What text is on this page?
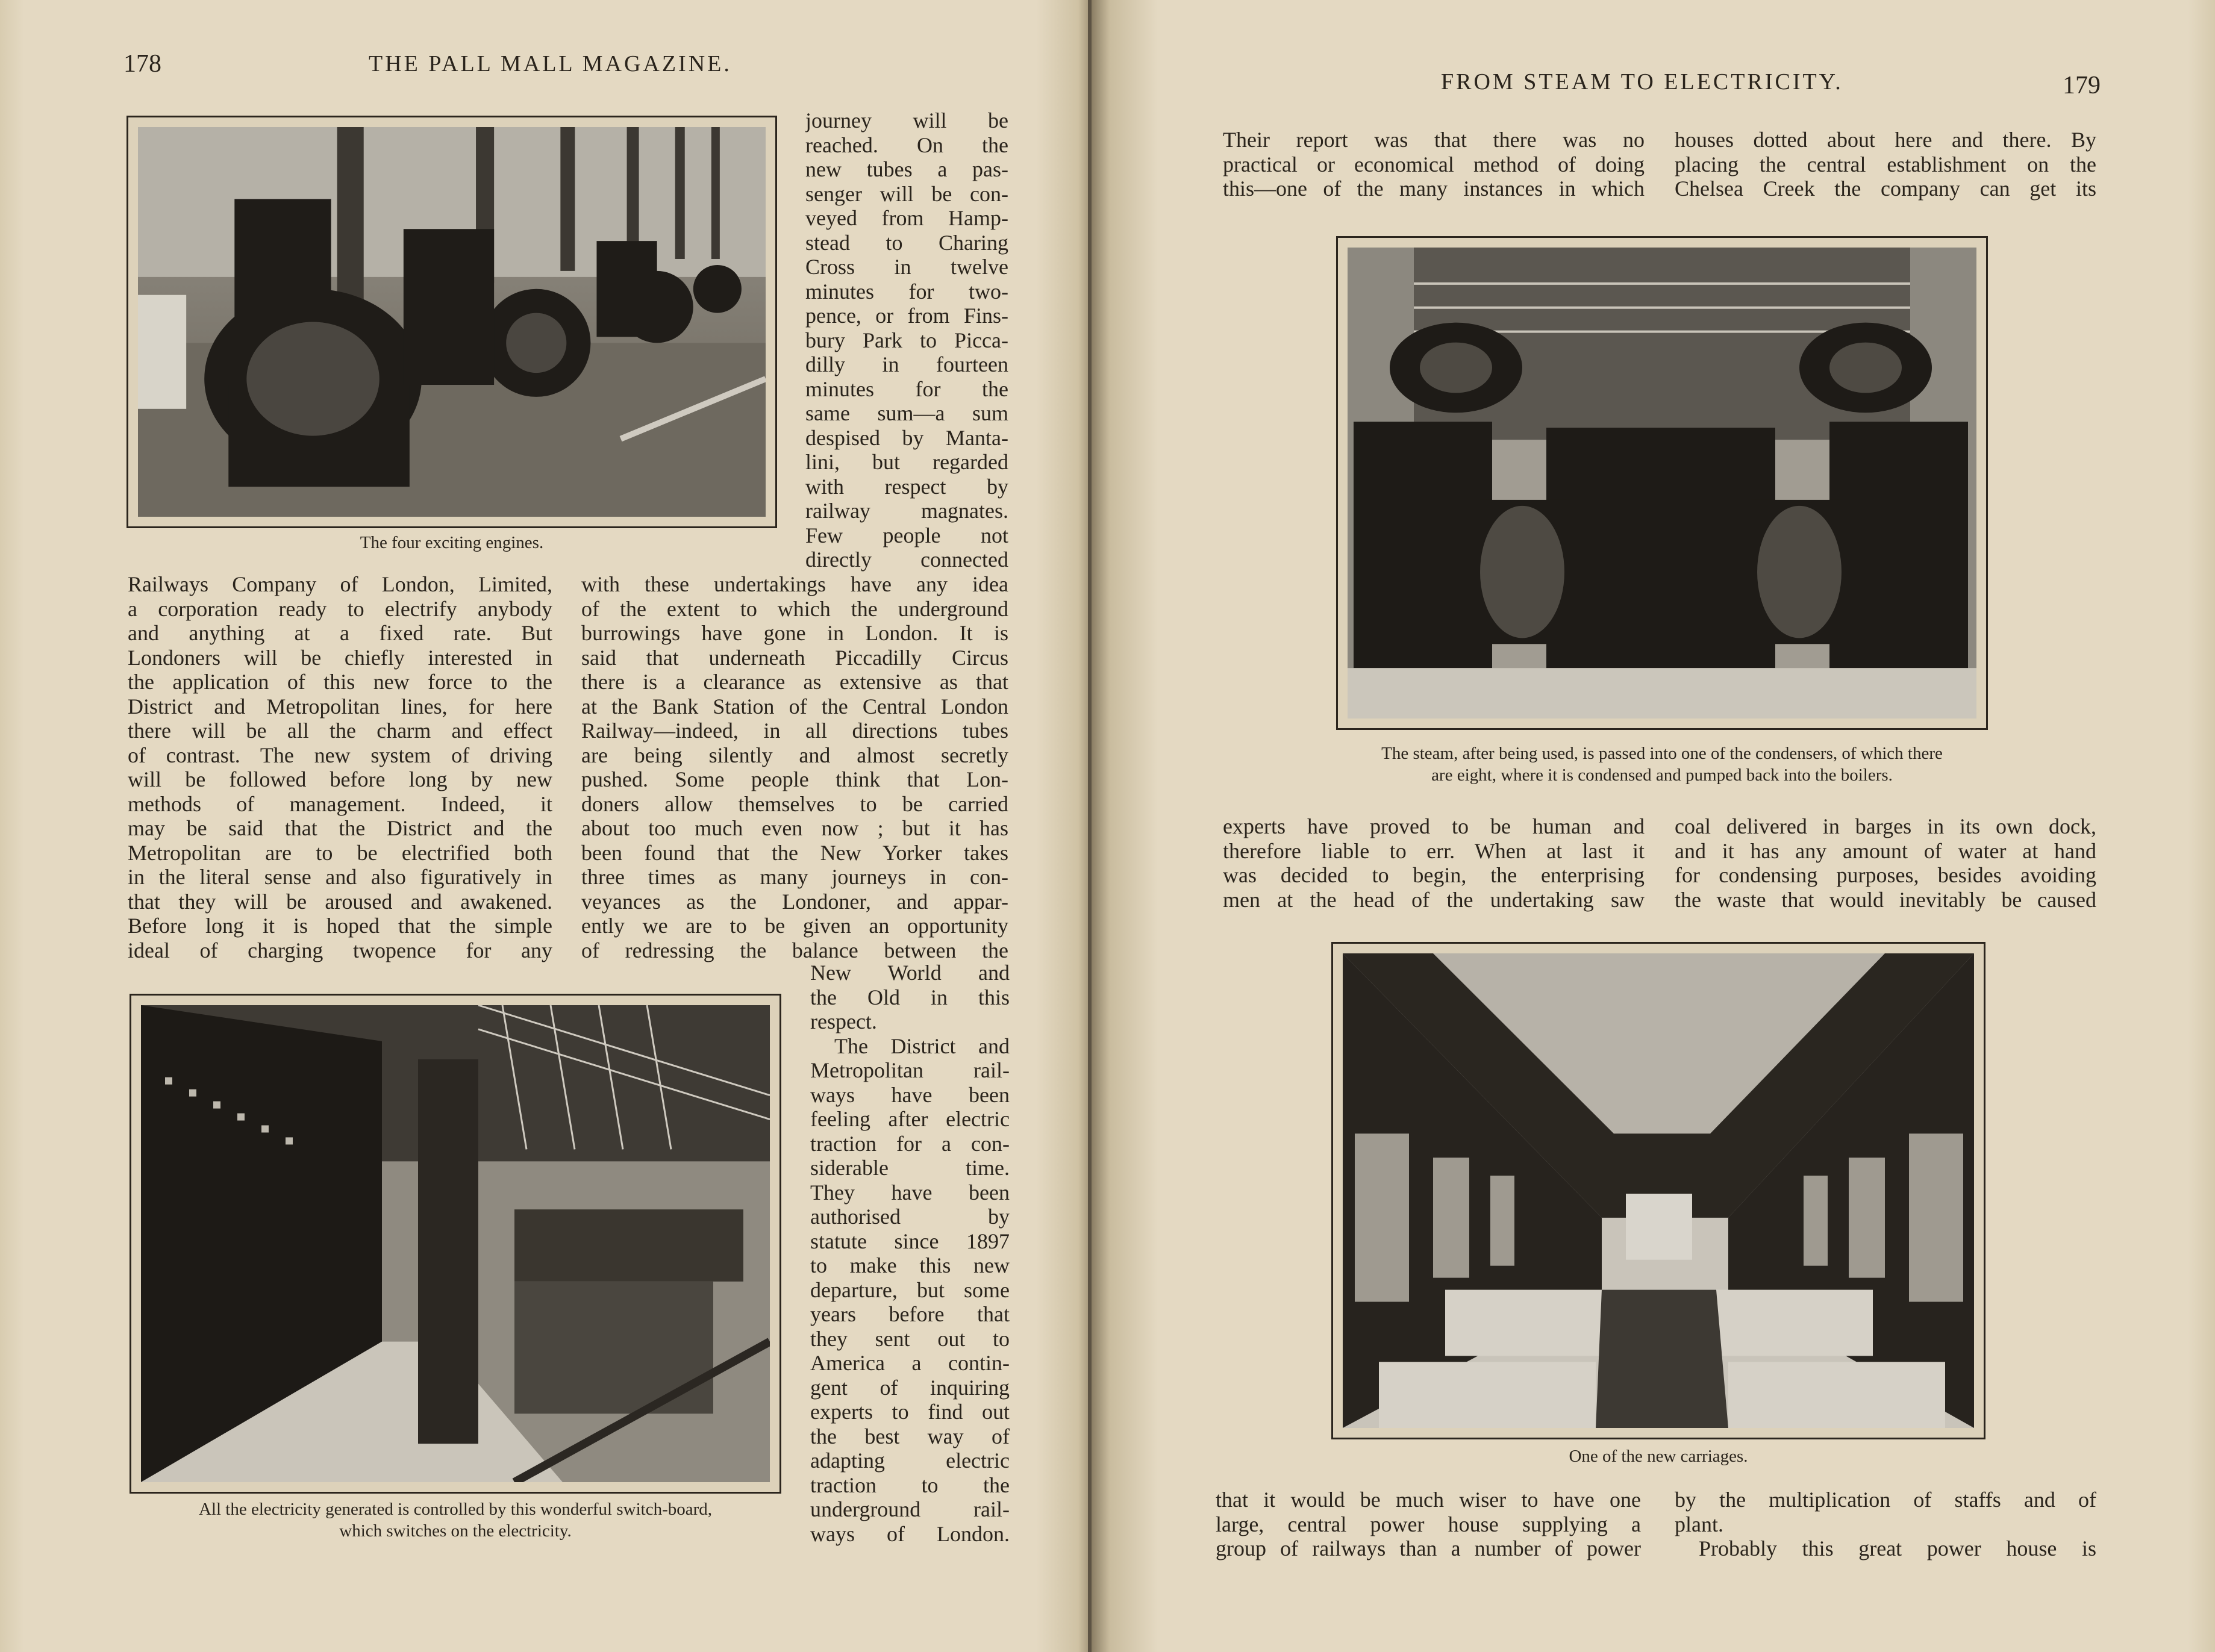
178	THE PALL MALL MAGAZINE.
The four exciting engines.
journey will be
reached. On the
new tubes a pas-
senger will be con-
veyed from Hamp-
stead to Charing
Cross in twelve
minutes for two-
pence, or from Fins-
bury Park to Picca-
dilly in fourteen
minutes for the
same sum—a sum
despised by Manta-
lini, but regarded
with respect by
railway magnates.
Few people not
directly connected
Railways Company of London, Limited,
a corporation ready to electrify anybody
and anything at a fixed rate. But
Londoners will be chiefly interested in
the application of this new force to the
District and Metropolitan lines, for here
there will be all the charm and effect
of contrast. The new system of driving
will be followed before long by new
methods of management. Indeed, it
may be said that the District and the
Metropolitan are to be electrified both
in the literal sense and also figuratively in
that they will be aroused and awakened.
Before long it is hoped that the simple
ideal of charging twopence for any
with these undertakings have any idea
of the extent to which the underground
burrowings have gone in London. It is
said that underneath Piccadilly Circus
there is a clearance as extensive as that
at the Bank Station of the Central London
Railway—indeed, in all directions tubes
are being silently and almost secretly
pushed. Some people think that Lon-
doners allow themselves to be carried
about too much even now ; but it has
been found that the New Yorker takes
three times as many journeys in con-
veyances as the Londoner, and appar-
ently we are to be given an opportunity
of redressing the balance between the
All the electricity generated is controlled by this wonderful switch-board,
which switches on the electricity.
New World and
the Old in this
respect.
The District and
Metropolitan rail-
ways have been
feeling after electric
traction for a con-
siderable time.
They have been
authorised by
statute since 1897
to make this new
departure, but some
years before that
they sent out to
America a contin-
gent of inquiring
experts to find out
the best way of
adapting electric
traction to the
underground rail-
ways of London.
FROM STEAM TO ELECTRICITY.	179
Their report was that there was no
practical or economical method of doing
this—one of the many instances in which
houses dotted about here and there. By
placing the central establishment on the
Chelsea Creek the company can get its
The steam, after being used, is passed into one of the condensers, of which there
are eight, where it is condensed and pumped back into the boilers.
experts have proved to be human and
therefore liable to err. When at last it
was decided to begin, the enterprising
men at the head of the undertaking saw
coal delivered in barges in its own dock,
and it has any amount of water at hand
for condensing purposes, besides avoiding
the waste that would inevitably be caused
One of the new carriages.
that it would be much wiser to have one
large, central power house supplying a
group of railways than a number of power
by the multiplication of staffs and of
plant.
Probably this great power house is
